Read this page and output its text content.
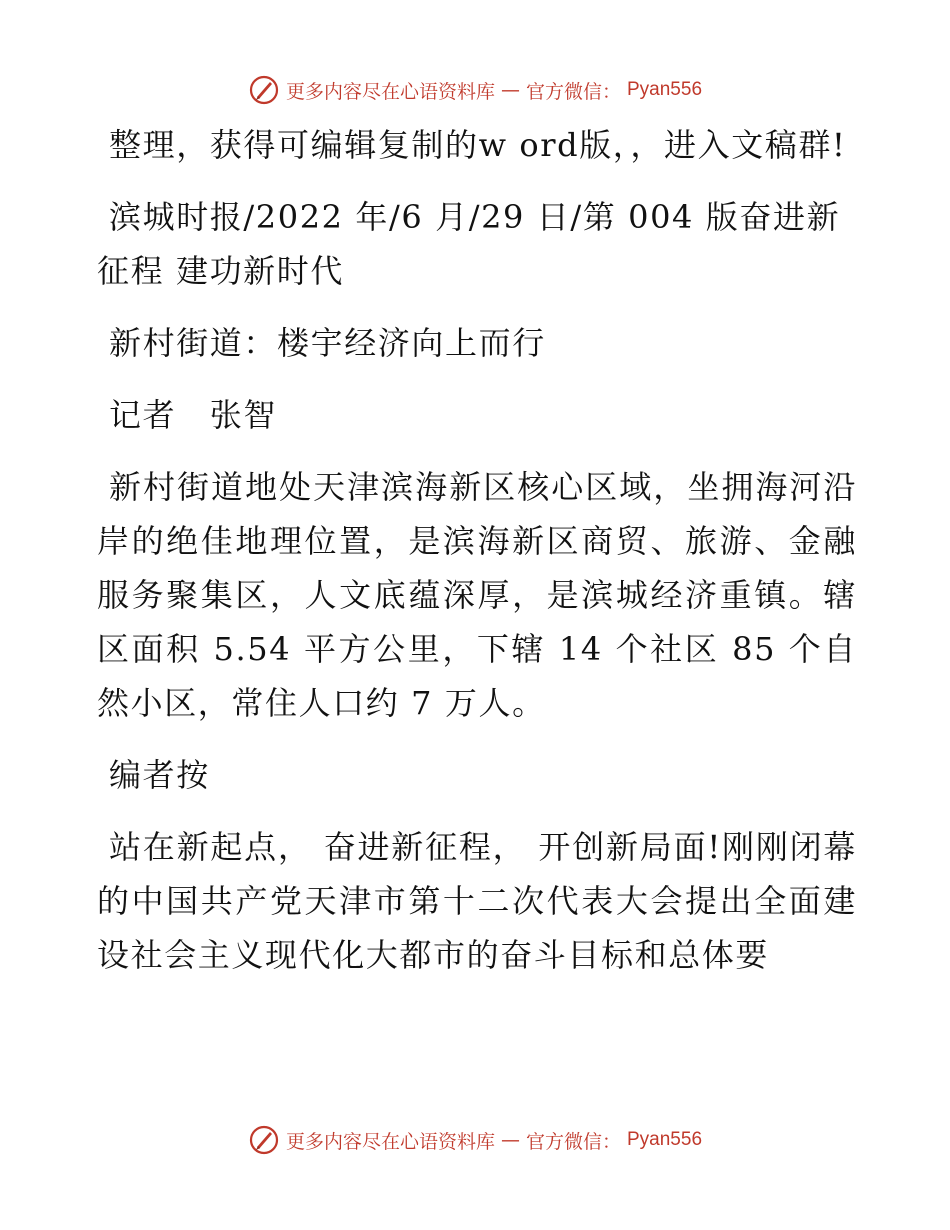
更多内容尽在心语资料库 — 官方微信： Pyan556

整理，获得可编辑复制的w ord版，，进入文稿群!

滨城时报/2022 年/6 月/29 日/第 004 版奋进新征程 建功新时代

新村街道：楼宇经济向上而行

记者　张智

新村街道地处天津滨海新区核心区域，坐拥海河沿岸的绝佳地理位置，是滨海新区商贸、旅游、金融服务聚集区，人文底蕴深厚，是滨城经济重镇。辖区面积 5.54 平方公里，下辖 14 个社区 85 个自然小区，常住人口约 7 万人。

编者按

站在新起点， 奋进新征程， 开创新局面!刚刚闭幕的中国共产党天津市第十二次代表大会提出全面建设社会主义现代化大都市的奋斗目标和总体要

更多内容尽在心语资料库 — 官方微信： Pyan556
